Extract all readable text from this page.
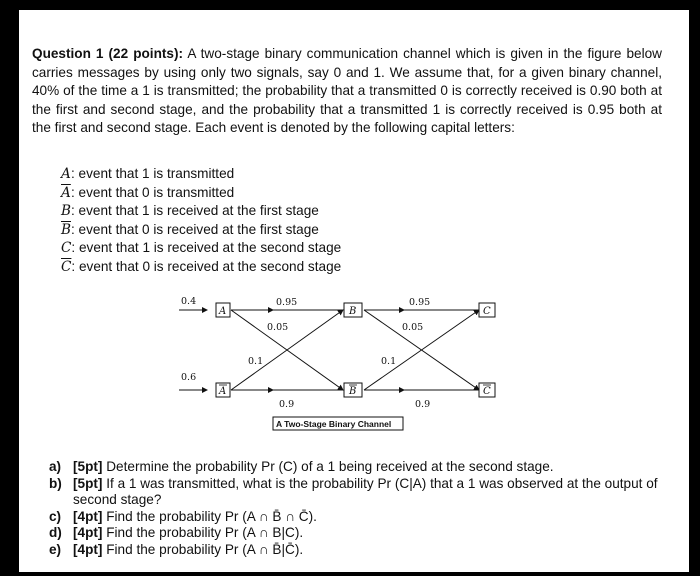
Question 1 (22 points): A two-stage binary communication channel which is given in the figure below carries messages by using only two signals, say 0 and 1. We assume that, for a given binary channel, 40% of the time a 1 is transmitted; the probability that a transmitted 0 is correctly received is 0.90 both at the first and second stage, and the probability that a transmitted 1 is correctly received is 0.95 both at the first and second stage. Each event is denoted by the following capital letters:

A: event that 1 is transmitted
$\overline{A}$: event that 0 is transmitted
B: event that 1 is received at the first stage
$\overline{B}$: event that 0 is received at the first stage
C: event that 1 is received at the second stage
$\overline{C}$: event that 0 is received at the second stage
A
A
B
B
C
C
0.4
0.6
0.95
0.05
0.1
0.9
0.95
0.05
0.1
0.9
A Two-Stage Binary Channel
a) [5pt] Determine the probability Pr (C) of a 1 being received at the second stage.
b) [5pt] If a 1 was transmitted, what is the probability Pr (C|A) that a 1 was observed at the output of second stage?
c) [4pt] Find the probability Pr (A ∩ B̄ ∩ C̄).
d) [4pt] Find the probability Pr (A ∩ B|C).
e) [4pt] Find the probability Pr (A ∩ B̄|C̄).
